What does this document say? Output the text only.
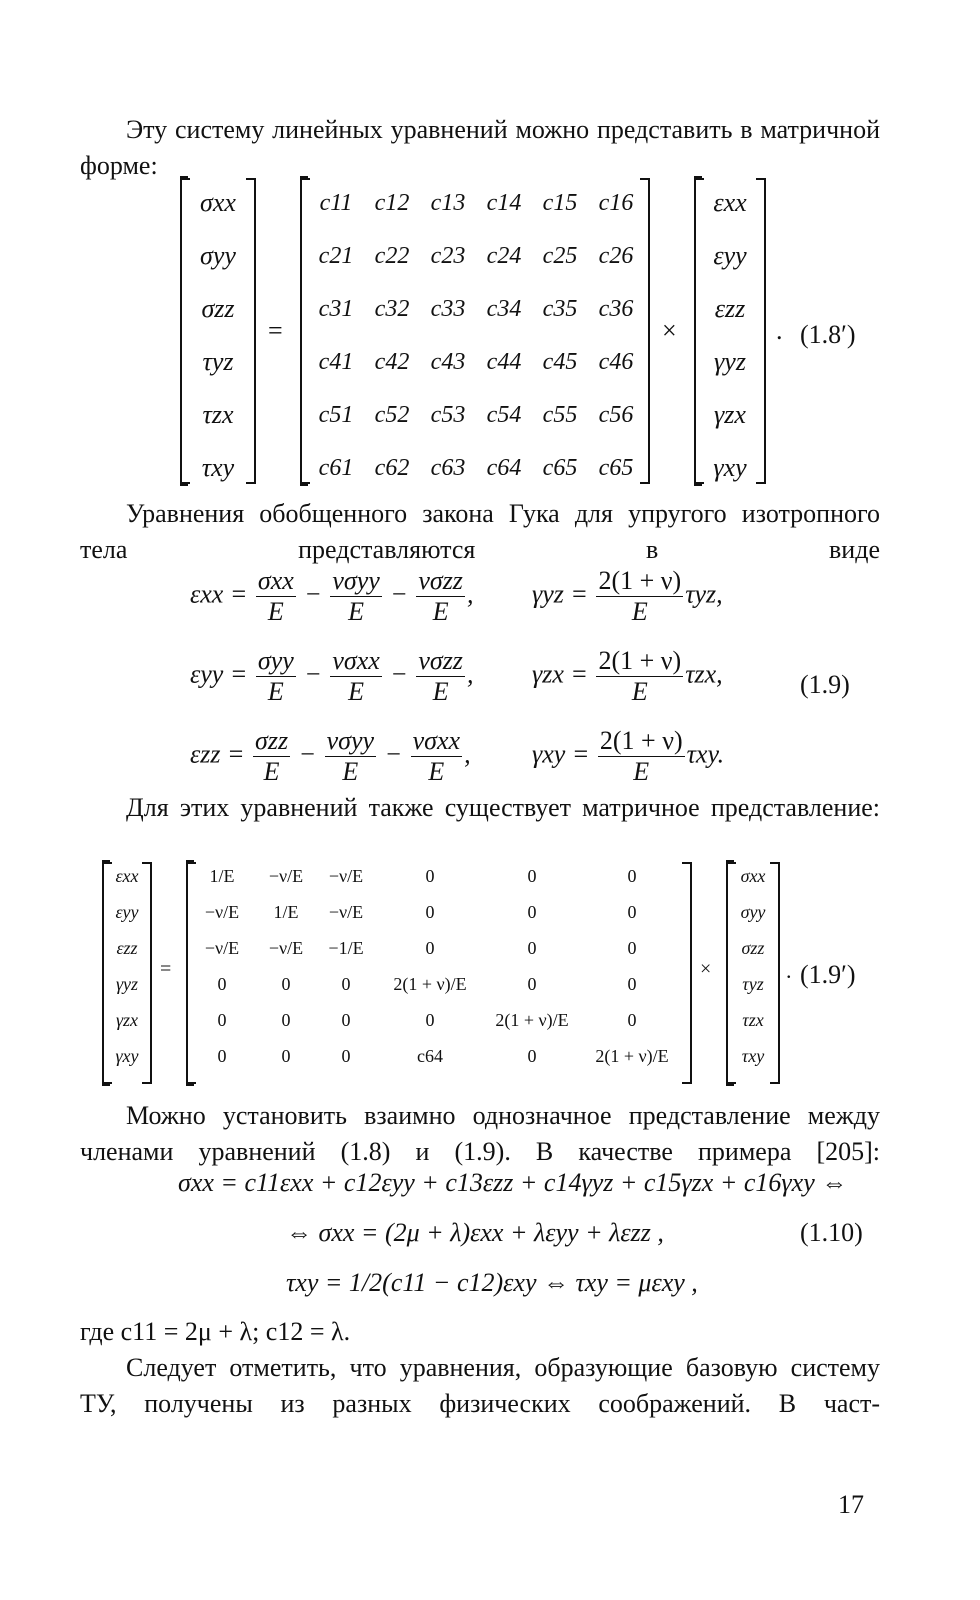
Эту систему линейных уравнений можно представить в матричной форме:

σxx
σyy
σzz
τyz
τzx
τxy
=
c11 c12 c13 c14 c15 c16
c21 c22 c23 c24 c25 c26
c31 c32 c33 c34 c35 c36
c41 c42 c43 c44 c45 c46
c51 c52 c53 c54 c55 c56
c61 c62 c63 c64 c65 c65
×
εxx
εyy
εzz
γyz
γzx
γxy
. (1.8′)

Уравнения обобщенного закона Гука для упругого изотропного тела представляются в виде

$\varepsilon xx = \frac{\text{σxx}}{E} - \frac{\text{νσyy}}{E} - \frac{\text{νσzz}}{E}$ , $\gamma yz = \frac{2(1 + \nu)}{E} \tau yz$,
$\varepsilon yy = \frac{\text{σyy}}{E} - \frac{\text{νσxx}}{E} - \frac{\text{νσzz}}{E}$ , $\gamma zx = \frac{2(1 + \nu)}{E} \tau zx$,
$\varepsilon zz = \frac{\text{σzz}}{E} - \frac{\text{νσyy}}{E} - \frac{\text{νσxx}}{E}$ , $\gamma xy = \frac{2(1 + \nu)}{E} \tau xy$.
(1.9)

Для этих уравнений также существует матричное представление:

εxx
εyy
εzz
γyz
γzx
γxy
=
1/E −ν/E −ν/E	0	0	0
−ν/E 1/E −ν/E	0	0	0
−ν/E −ν/E −1/E	0	0	0
0	0	0 2(1 + ν)/E	0	0
0	0	0	0	2(1 + ν)/E	0
0	0	0	c64	0	2(1 + ν)/E
×
σxx
σyy
σzz
τyz
τzx
τxy
. (1.9′)

Можно установить взаимно однозначное представление между членами уравнений (1.8) и (1.9). В качестве примера [205]:

σxx = c11εxx + c12εyy + c13εzz + c14γyz + c15γzx + c16γxy ⇔
⇔ σxx = (2μ + λ)εxx + λεyy + λεzz ,	(1.10)
τxy = 1/2(c11 − c12)εxy ⇔ τxy = μεxy ,

где c11 = 2μ + λ; c12 = λ.

Следует отметить, что уравнения, образующие базовую систему ТУ, получены из разных физических соображений. В част-

17
